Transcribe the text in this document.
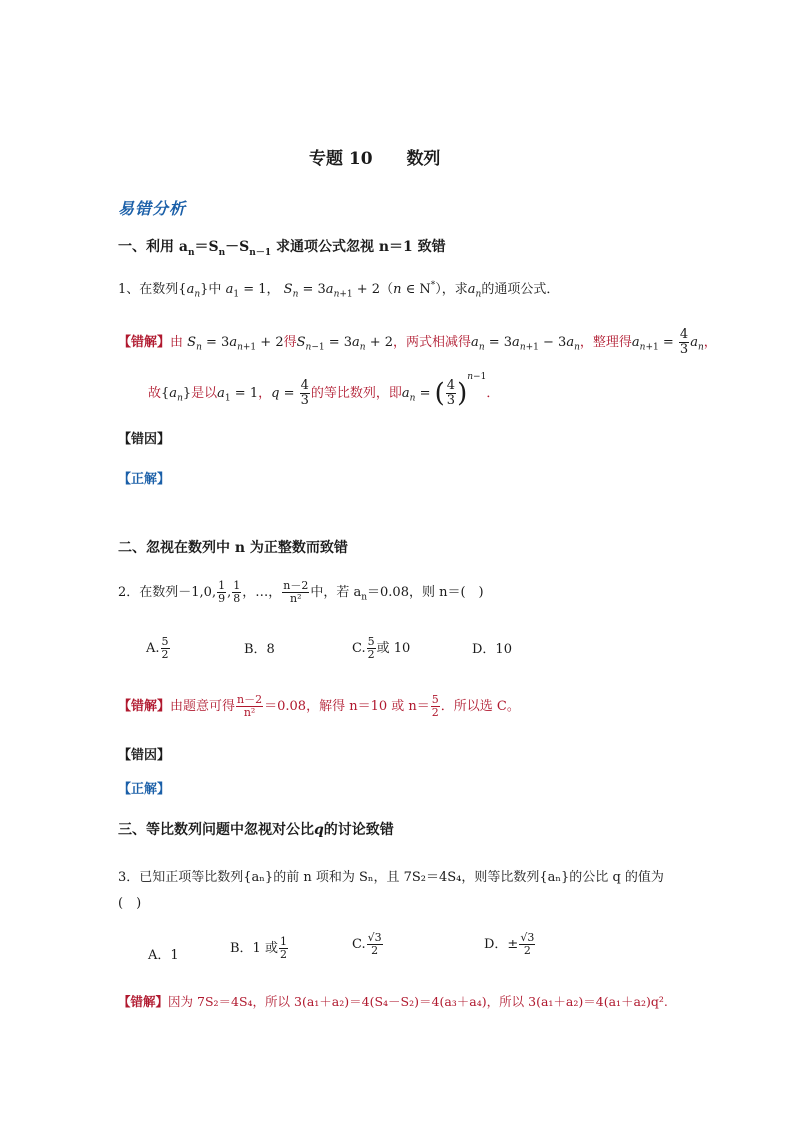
专题 10 数列
易错分析
一、利用 $a_n=S_n-S_{n-1}$ 求通项公式忽视 n＝1 致错
1、在数列$\{a_n\}$中 $a_1 = 1$， $S_n = 3a_{n+1} + 2(n$ ∈ N*），求$a_n$的通项公式．
【错解】由 $S_n = 3a_{n+1} + 2$得$S_{n-1} = 3a_n + 2$，两式相减得$a_n = 3a_{n+1} - 3a_n$，整理得$a_{n+1} = \frac{4}{3} a_n$，
故$\{a_n\}$是以$a_1 = 1$，$q = \frac{4}{3}$ 的等比数列，即$a_n$ = ( $\frac{4}{3} )^{n-1}$．
【错因】
【正解】
二、忽视在数列中 n 为正整数而致错
2．在数列－1,0, $\frac{1}{9}$ , $\frac{1}{8}$ ，…， $\frac{n-2}{\text{n²}}$ 中，若 $a_n=0.08$，则 n＝(　)
A. $\frac{5}{2}$	B．8	C. $\frac{5}{2}$ 或 10	D．10
【错解】由题意可得 $\frac{n-2}{\text{n²}} =0.08$，解得 n＝10 或 $n= \frac{5}{2}$ ．所以选 C。
【错因】
【正解】
三、等比数列问题中忽视对公比q的讨论致错
3．已知正项等比数列{aₙ}的前 n 项和为 Sₙ，且 7S₂＝4S₄，则等比数列{aₙ}的公比 q 的值为
(　)
A．1	B．1 或 $\frac{1}{2}$	C. $\frac{√3}{2}$	D．± $\frac{√3}{2}$
【错解】因为 7S₂＝4S₄，所以 3(a₁＋a₂)＝4(S₄－S₂)＝4(a₃＋a₄)，所以 3(a₁＋a₂)＝4(a₁＋a₂)q².
